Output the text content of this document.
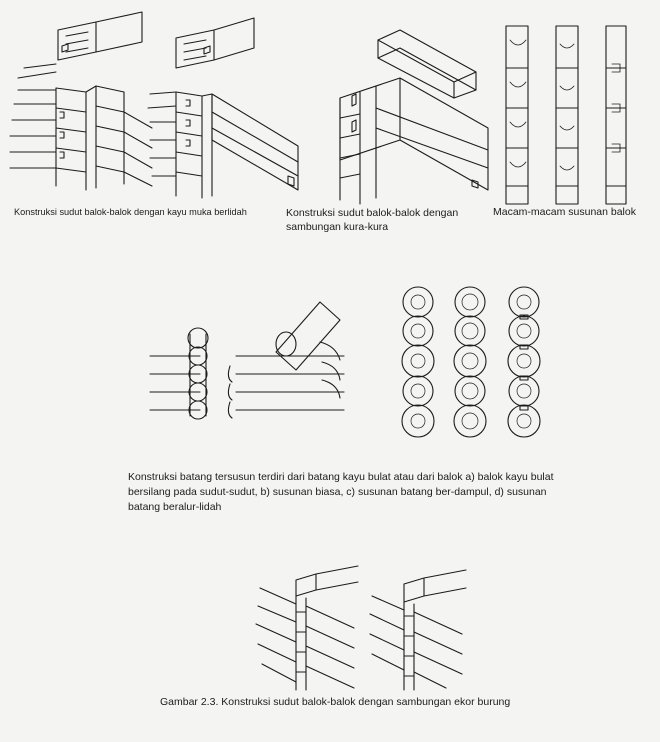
Konstruksi sudut balok-balok dengan kayu muka berlidah	Konstruksi sudut balok-balok dengan sambungan kura-kura

Macam-macam susunan balok

Konstruksi batang tersusun terdiri dari batang kayu bulat atau dari balok a) balok kayu bulat bersilang pada sudut-sudut, b) susunan biasa, c) susunan batang ber-dampul, d) susunan batang beralur-lidah

Gambar 2.3. Konstruksi sudut balok-balok dengan sambungan ekor burung
